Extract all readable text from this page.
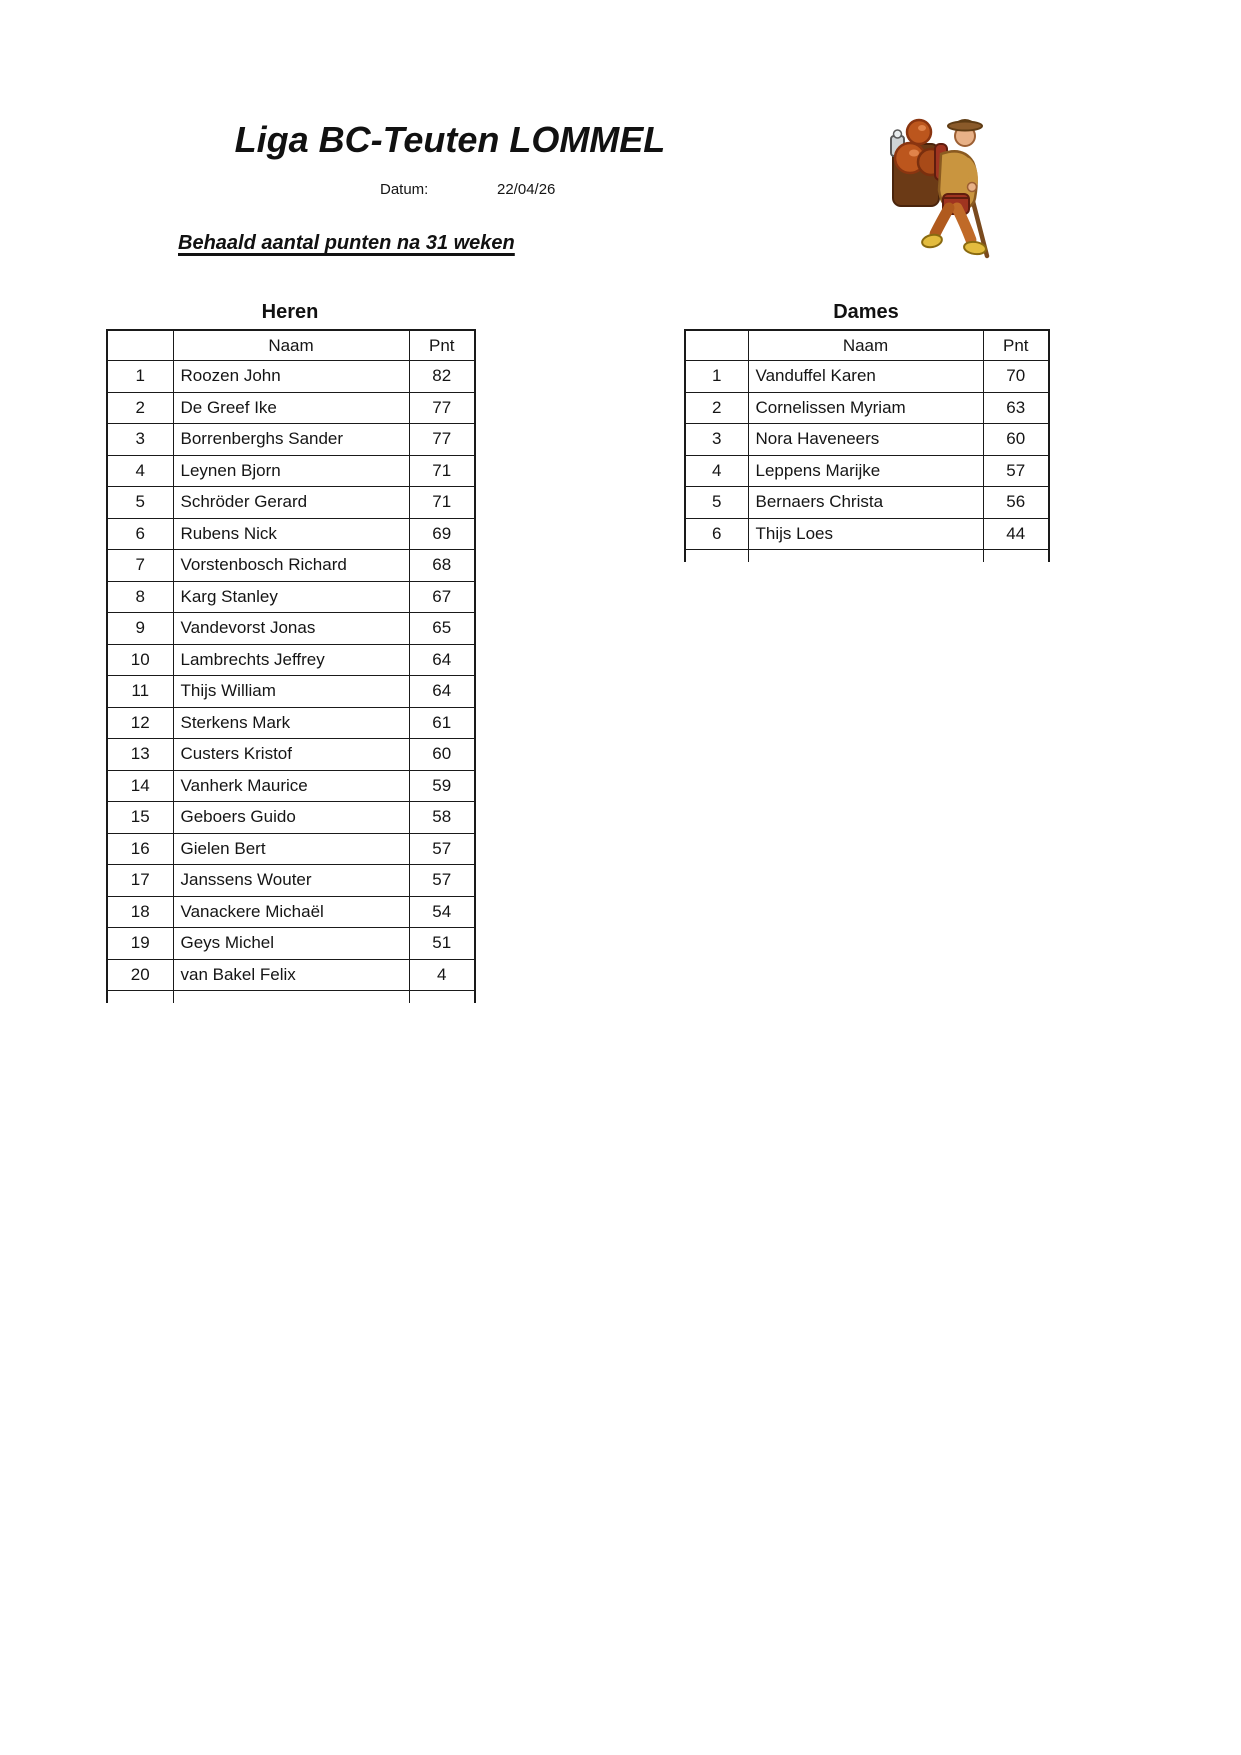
Liga BC-Teuten LOMMEL
Datum:	22/04/26
Behaald aantal punten na 31 weken
Heren
	Naam	Pnt
1	Roozen John	82
2	De Greef Ike	77
3	Borrenberghs Sander	77
4	Leynen Bjorn	71
5	Schröder Gerard	71
6	Rubens Nick	69
7	Vorstenbosch Richard	68
8	Karg Stanley	67
9	Vandevorst Jonas	65
10	Lambrechts Jeffrey	64
11	Thijs William	64
12	Sterkens Mark	61
13	Custers Kristof	60
14	Vanherk Maurice	59
15	Geboers Guido	58
16	Gielen Bert	57
17	Janssens Wouter	57
18	Vanackere Michaël	54
19	Geys Michel	51
20	van Bakel Felix	4

Dames
	Naam	Pnt
1	Vanduffel Karen	70
2	Cornelissen Myriam	63
3	Nora Haveneers	60
4	Leppens Marijke	57
5	Bernaers Christa	56
6	Thijs Loes	44
